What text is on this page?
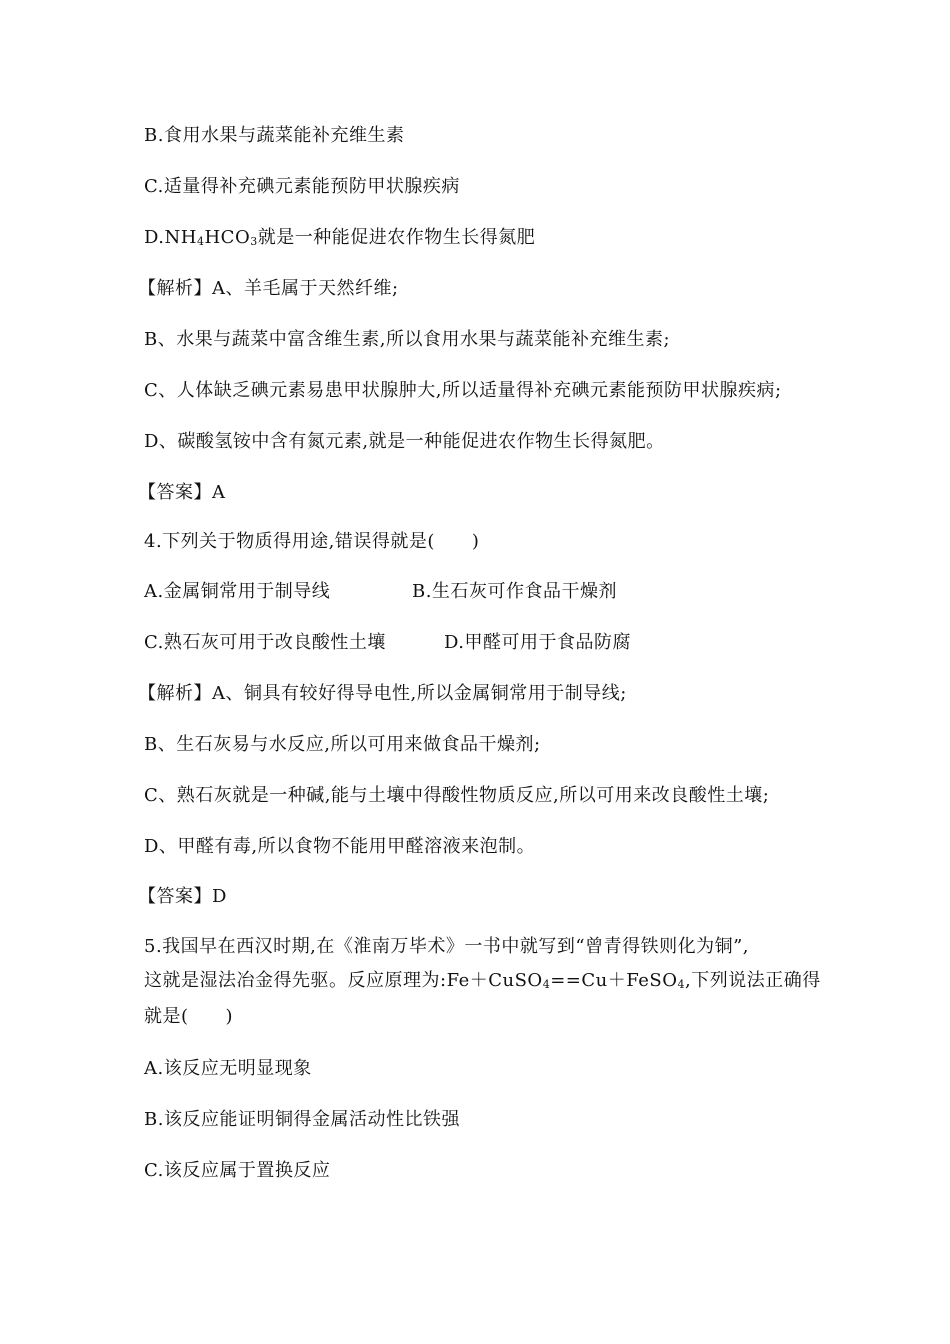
B.食用水果与蔬菜能补充维生素
C.适量得补充碘元素能预防甲状腺疾病
$D.NH_4HCO_3$就是一种能促进农作物生长得氮肥
【解析】A、羊毛属于天然纤维;
B、水果与蔬菜中富含维生素,所以食用水果与蔬菜能补充维生素;
C、人体缺乏碘元素易患甲状腺肿大,所以适量得补充碘元素能预防甲状腺疾病;
D、碳酸氢铵中含有氮元素,就是一种能促进农作物生长得氮肥。
【答案】A
4.下列关于物质得用途,错误得就是(　　)
A.金属铜常用于制导线	B.生石灰可作食品干燥剂
C.熟石灰可用于改良酸性土壤	D.甲醛可用于食品防腐
【解析】A、铜具有较好得导电性,所以金属铜常用于制导线;
B、生石灰易与水反应,所以可用来做食品干燥剂;
C、熟石灰就是一种碱,能与土壤中得酸性物质反应,所以可用来改良酸性土壤;
D、甲醛有毒,所以食物不能用甲醛溶液来泡制。
【答案】D
5.我国早在西汉时期,在《淮南万毕术》一书中就写到“曾青得铁则化为铜”,
这就是湿法冶金得先驱。反应原理为:Fe＋CuSO$_4$==Cu＋FeSO$_4$,下列说法正确得
就是(　　)
A.该反应无明显现象
B.该反应能证明铜得金属活动性比铁强
C.该反应属于置换反应
